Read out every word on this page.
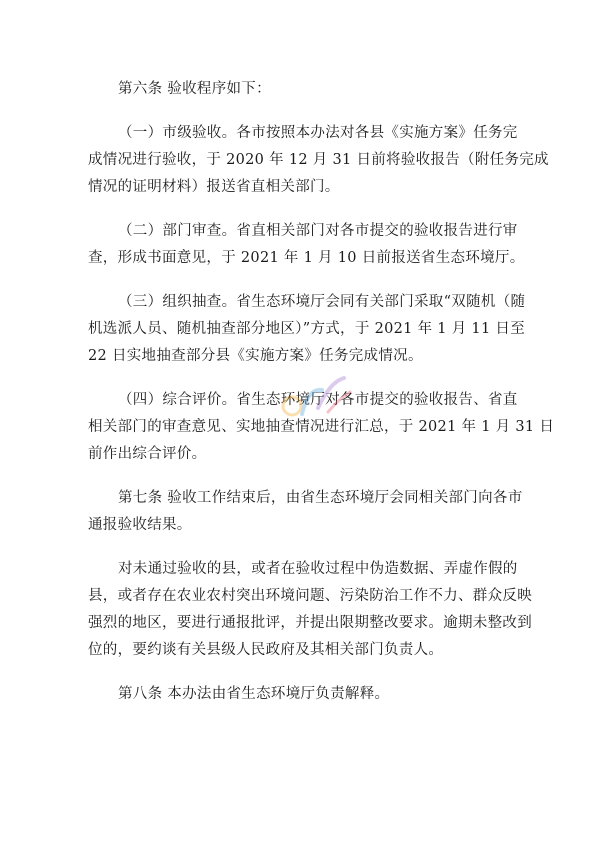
第六条 验收程序如下：

（一）市级验收。各市按照本办法对各县《实施方案》任务完
成情况进行验收，于 2020 年 12 月 31 日前将验收报告（附任务完成
情况的证明材料）报送省直相关部门。

（二）部门审查。省直相关部门对各市提交的验收报告进行审
查，形成书面意见，于 2021 年 1 月 10 日前报送省生态环境厅。

（三）组织抽查。省生态环境厅会同有关部门采取“双随机（随
机选派人员、随机抽查部分地区）”方式，于 2021 年 1 月 11 日至
22 日实地抽查部分县《实施方案》任务完成情况。

（四）综合评价。省生态环境厅对各市提交的验收报告、省直
相关部门的审查意见、实地抽查情况进行汇总，于 2021 年 1 月 31 日
前作出综合评价。

第七条 验收工作结束后，由省生态环境厅会同相关部门向各市
通报验收结果。

对未通过验收的县，或者在验收过程中伪造数据、弄虚作假的
县，或者存在农业农村突出环境问题、污染防治工作不力、群众反映
强烈的地区，要进行通报批评，并提出限期整改要求。逾期未整改到
位的，要约谈有关县级人民政府及其相关部门负责人。

第八条 本办法由省生态环境厅负责解释。
